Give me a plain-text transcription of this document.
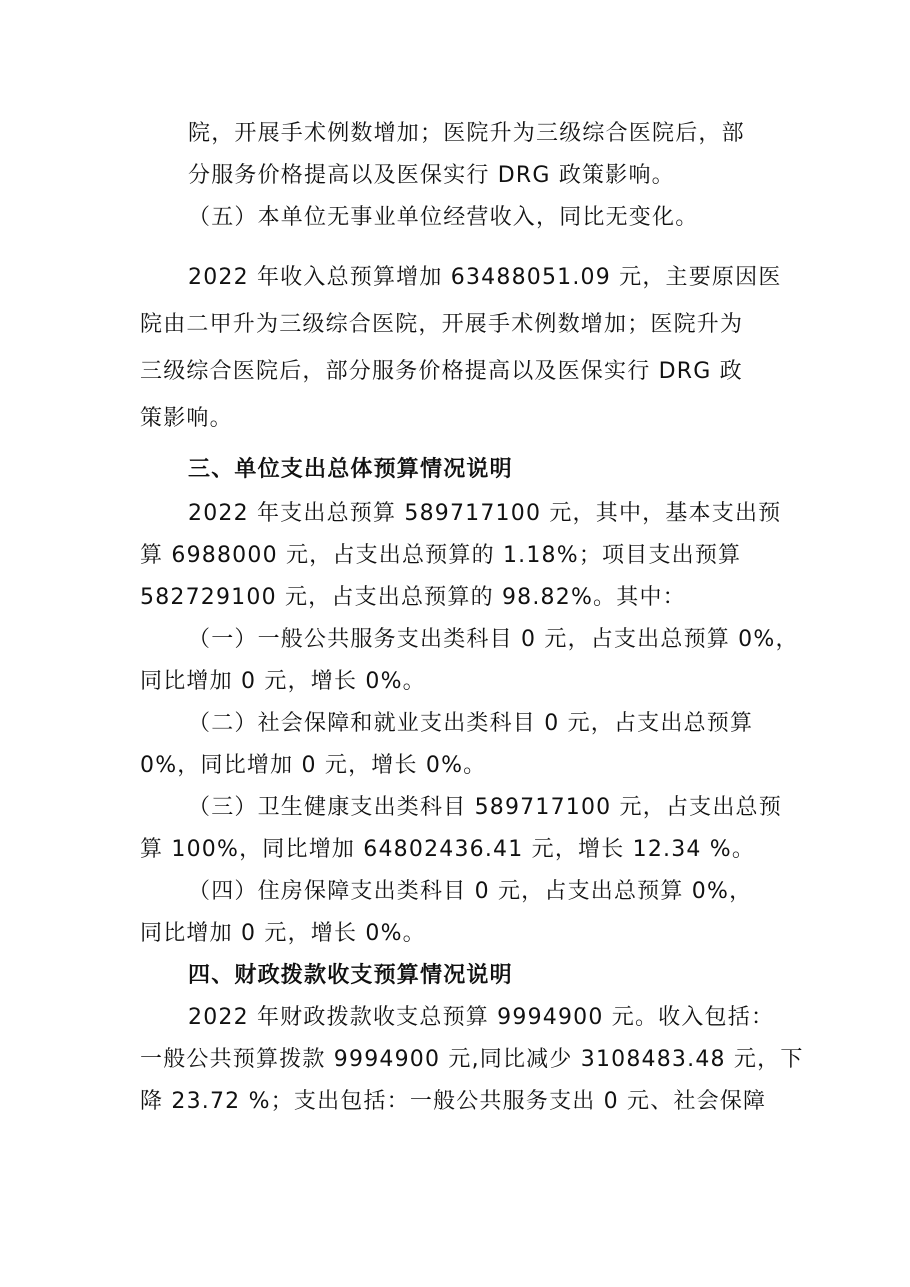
院，开展手术例数增加；医院升为三级综合医院后，部
分服务价格提高以及医保实行 DRG 政策影响。
（五）本单位无事业单位经营收入，同比无变化。
2022 年收入总预算增加 63488051.09 元，主要原因医
院由二甲升为三级综合医院，开展手术例数增加；医院升为
三级综合医院后，部分服务价格提高以及医保实行 DRG 政
策影响。
三、单位支出总体预算情况说明
2022 年支出总预算 589717100 元，其中，基本支出预
算 6988000 元，占支出总预算的 1.18%；项目支出预算
582729100 元，占支出总预算的 98.82%。其中：
（一）一般公共服务支出类科目 0 元，占支出总预算 0%，
同比增加 0 元，增长 0%。
（二）社会保障和就业支出类科目 0 元，占支出总预算
0%，同比增加 0 元，增长 0%。
（三）卫生健康支出类科目 589717100 元，占支出总预
算 100%，同比增加 64802436.41 元，增长 12.34 %。
（四）住房保障支出类科目 0 元，占支出总预算 0%，
同比增加 0 元，增长 0%。
四、财政拨款收支预算情况说明
2022 年财政拨款收支总预算 9994900 元。收入包括：
一般公共预算拨款 9994900 元,同比减少 3108483.48 元，下
降 23.72 %；支出包括：一般公共服务支出 0 元、社会保障
